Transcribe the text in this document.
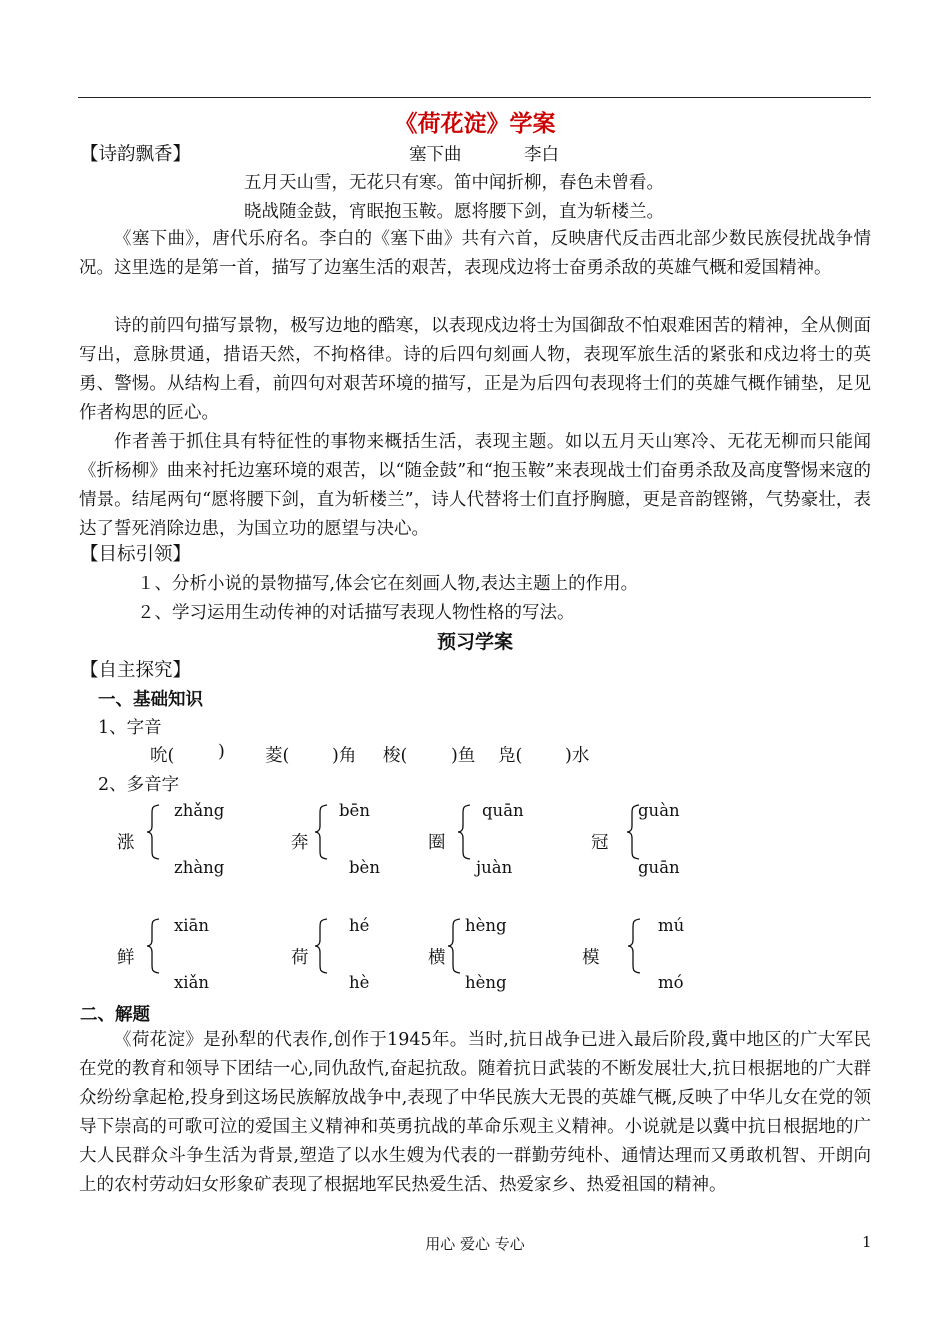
《荷花淀》学案
【诗韵飘香】	塞下曲	李白
五月天山雪，无花只有寒。笛中闻折柳，春色未曾看。
晓战随金鼓，宵眠抱玉鞍。愿将腰下剑，直为斩楼兰。
《塞下曲》，唐代乐府名。李白的《塞下曲》共有六首，反映唐代反击西北部少数民族侵扰战争情况。这里选的是第一首，描写了边塞生活的艰苦，表现戍边将士奋勇杀敌的英雄气概和爱国精神。
诗的前四句描写景物，极写边地的酷寒，以表现戍边将士为国御敌不怕艰难困苦的精神，全从侧面写出，意脉贯通，措语天然，不拘格律。诗的后四句刻画人物，表现军旅生活的紧张和戍边将士的英勇、警惕。从结构上看，前四句对艰苦环境的描写，正是为后四句表现将士们的英雄气概作铺垫，足见作者构思的匠心。
作者善于抓住具有特征性的事物来概括生活，表现主题。如以五月天山寒冷、无花无柳而只能闻《折杨柳》曲来衬托边塞环境的艰苦，以“随金鼓”和“抱玉鞍”来表现战士们奋勇杀敌及高度警惕来寇的情景。结尾两句“愿将腰下剑，直为斩楼兰”，诗人代替将士们直抒胸臆，更是音韵铿锵，气势豪壮，表达了誓死消除边患，为国立功的愿望与决心。
【目标引领】
１、分析小说的景物描写,体会它在刻画人物,表达主题上的作用。
２、学习运用生动传神的对话描写表现人物性格的写法。
预习学案
【自主探究】
一、基础知识
1、字音
吮( ) 菱( )角 梭( )鱼 凫( )水
2、多音字
涨
zhǎng
zhàng
奔
bēn
bèn
圈
quān
juàn
冠
guàn
guān
鲜
xiān
xiǎn
荷
hé
hè
横
hèng
hèng
模
mú
mó
二、解题
《荷花淀》是孙犁的代表作,创作于1945年。当时,抗日战争已进入最后阶段,冀中地区的广大军民在党的教育和领导下团结一心,同仇敌忾,奋起抗敌。随着抗日武装的不断发展壮大,抗日根据地的广大群众纷纷拿起枪,投身到这场民族解放战争中,表现了中华民族大无畏的英雄气概,反映了中华儿女在党的领导下崇高的可歌可泣的爱国主义精神和英勇抗战的革命乐观主义精神。小说就是以冀中抗日根据地的广大人民群众斗争生活为背景,塑造了以水生嫂为代表的一群勤劳纯朴、通情达理而又勇敢机智、开朗向上的农村劳动妇女形象矿表现了根据地军民热爱生活、热爱家乡、热爱祖国的精神。
用心 爱心 专心	1
